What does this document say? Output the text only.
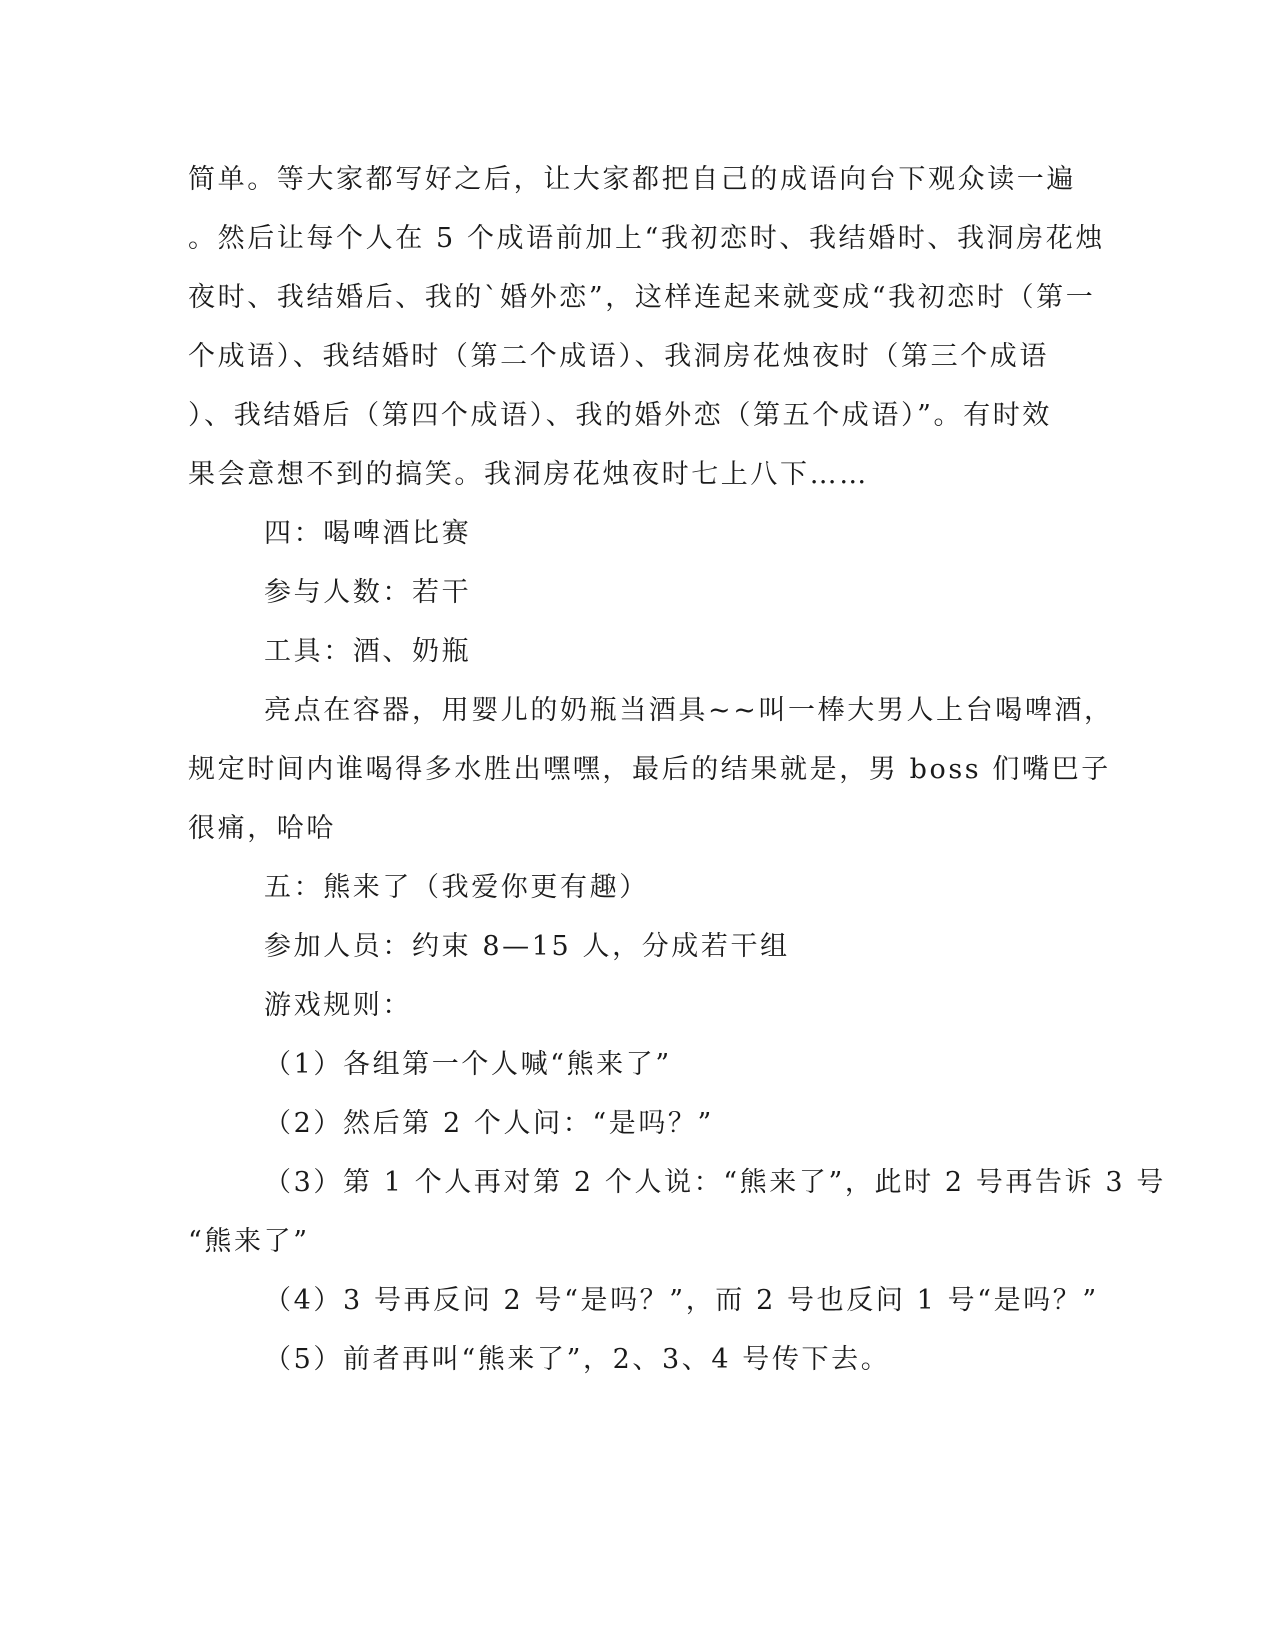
简单。等大家都写好之后，让大家都把自己的成语向台下观众读一遍
。然后让每个人在 5 个成语前加上“我初恋时、我结婚时、我洞房花烛
夜时、我结婚后、我的`婚外恋”，这样连起来就变成“我初恋时（第一
个成语）、我结婚时（第二个成语）、我洞房花烛夜时（第三个成语
）、我结婚后（第四个成语）、我的婚外恋（第五个成语）”。有时效
果会意想不到的搞笑。我洞房花烛夜时七上八下……
四：喝啤酒比赛
参与人数：若干
工具：酒、奶瓶
亮点在容器，用婴儿的奶瓶当酒具~~叫一棒大男人上台喝啤酒，
规定时间内谁喝得多水胜出嘿嘿，最后的结果就是，男 boss 们嘴巴子
很痛，哈哈
五：熊来了（我爱你更有趣）
参加人员：约束 8—15 人，分成若干组
游戏规则：
（1）各组第一个人喊“熊来了”
（2）然后第 2 个人问：“是吗？”
（3）第 1 个人再对第 2 个人说：“熊来了”，此时 2 号再告诉 3 号
“熊来了”
（4）3 号再反问 2 号“是吗？”，而 2 号也反问 1 号“是吗？”
（5）前者再叫“熊来了”，2、3、4 号传下去。
